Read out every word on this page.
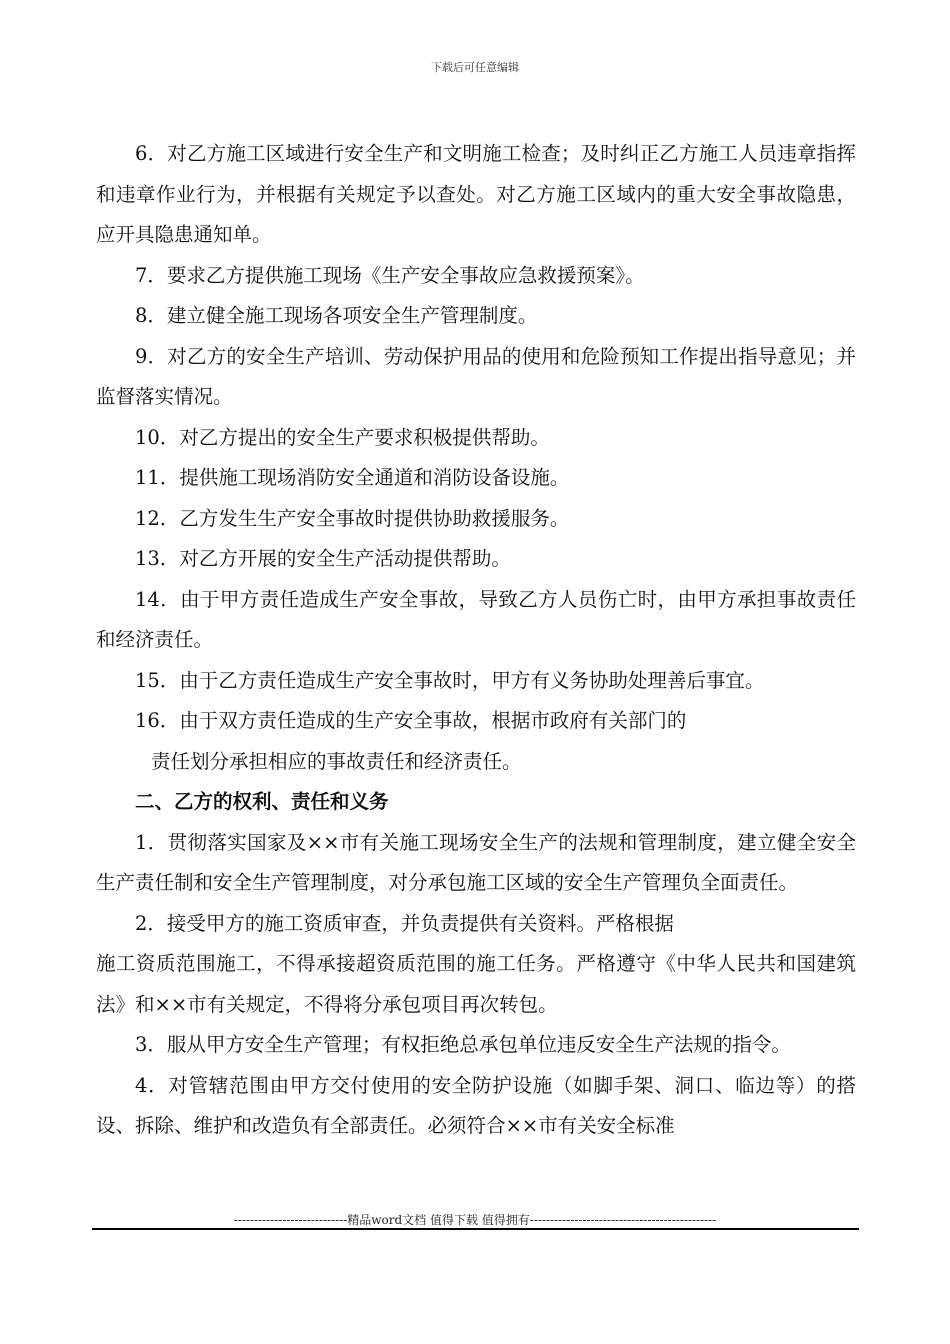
下载后可任意编辑

6．对乙方施工区域进行安全生产和文明施工检查；及时纠正乙方施工人员违章指挥和违章作业行为，并根据有关规定予以查处。对乙方施工区域内的重大安全事故隐患，应开具隐患通知单。

7．要求乙方提供施工现场《生产安全事故应急救援预案》。

8．建立健全施工现场各项安全生产管理制度。

9．对乙方的安全生产培训、劳动保护用品的使用和危险预知工作提出指导意见；并监督落实情况。

10．对乙方提出的安全生产要求积极提供帮助。

11．提供施工现场消防安全通道和消防设备设施。

12．乙方发生生产安全事故时提供协助救援服务。

13．对乙方开展的安全生产活动提供帮助。

14．由于甲方责任造成生产安全事故，导致乙方人员伤亡时，由甲方承担事故责任和经济责任。

15．由于乙方责任造成生产安全事故时，甲方有义务协助处理善后事宜。

16．由于双方责任造成的生产安全事故，根据市政府有关部门的

责任划分承担相应的事故责任和经济责任。

二、乙方的权利、责任和义务

1．贯彻落实国家及××市有关施工现场安全生产的法规和管理制度，建立健全安全生产责任制和安全生产管理制度，对分承包施工区域的安全生产管理负全面责任。

2．接受甲方的施工资质审查，并负责提供有关资料。严格根据

施工资质范围施工，不得承接超资质范围的施工任务。严格遵守《中华人民共和国建筑法》和××市有关规定，不得将分承包项目再次转包。

3．服从甲方安全生产管理；有权拒绝总承包单位违反安全生产法规的指令。

4．对管辖范围由甲方交付使用的安全防护设施（如脚手架、洞口、临边等）的搭设、拆除、维护和改造负有全部责任。必须符合××市有关安全标准

----------------------------精品word文档 值得下载 值得拥有----------------------------------------------
